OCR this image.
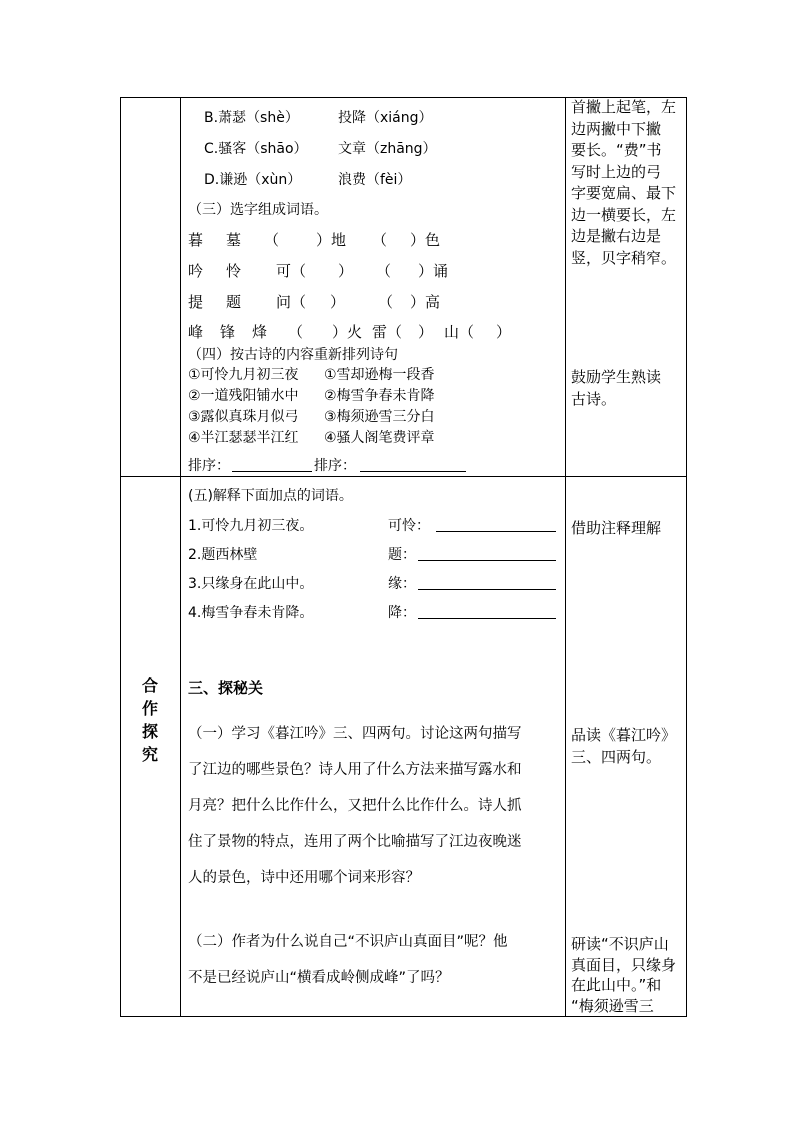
B.萧瑟（shè）	投降（xiáng）
C.骚客（shāo） 文章（zhāng）
D.谦逊（xùn）	浪费（fèi）
（三）选字组成词语。
暮 墓 （ ）地 （ ）色
吟 怜 可（ ） （ ）诵
提 题 问（ ） （ ）高
峰 锋 烽 （ ）火 雷（ ） 山（ ）
（四）按古诗的内容重新排列诗句
①可怜九月初三夜 ①雪却逊梅一段香
②一道残阳铺水中 ②梅雪争春未肯降
③露似真珠月似弓 ③梅须逊雪三分白
④半江瑟瑟半江红 ④骚人阁笔费评章
排序：	排序：
首撇上起笔，左
边两撇中下撇
要长。“费”书
写时上边的弓
字要宽扁、最下
边一横要长，左
边是撇右边是
竖，贝字稍窄。
鼓励学生熟读
古诗。
合
作
探
究
(五)解释下面加点的词语。
1.可怜九月初三夜。	可怜：
2.题西林壁	题：
3.只缘身在此山中。	缘：
4.梅雪争春未肯降。	降：
三、探秘关
（一）学习《暮江吟》三、四两句。讨论这两句描写
了江边的哪些景色？诗人用了什么方法来描写露水和
月亮？把什么比作什么，又把什么比作什么。诗人抓
住了景物的特点，连用了两个比喻描写了江边夜晚迷
人的景色，诗中还用哪个词来形容？
（二）作者为什么说自己“不识庐山真面目”呢？他
不是已经说庐山“横看成岭侧成峰”了吗？
借助注释理解
品读《暮江吟》
三、四两句。
研读“不识庐山
真面目，只缘身
在此山中。”和
“梅须逊雪三
